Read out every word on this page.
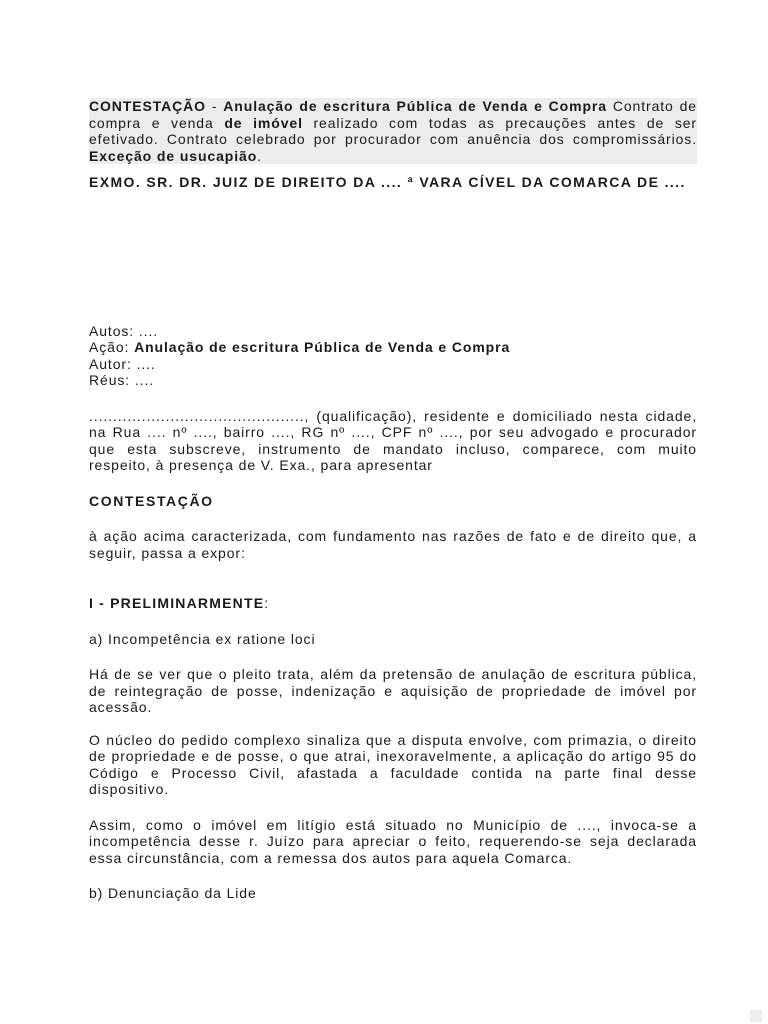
CONTESTAÇÃO - Anulação de escritura Pública de Venda e Compra Contrato de compra e venda de imóvel realizado com todas as precauções antes de ser efetivado. Contrato celebrado por procurador com anuência dos compromissários. Exceção de usucapião.
EXMO. SR. DR. JUIZ DE DIREITO DA .... ª VARA CÍVEL DA COMARCA DE ....
Autos: ....
Ação: Anulação de escritura Pública de Venda e Compra
Autor: ....
Réus: ....
............................................., (qualificação), residente e domiciliado nesta cidade, na Rua .... nº ...., bairro ...., RG nº ...., CPF nº ...., por seu advogado e procurador que esta subscreve, instrumento de mandato incluso, comparece, com muito respeito, à presença de V. Exa., para apresentar
CONTESTAÇÃO
à ação acima caracterizada, com fundamento nas razões de fato e de direito que, a seguir, passa a expor:
I - PRELIMINARMENTE:
a) Incompetência ex ratione loci
Há de se ver que o pleito trata, além da pretensão de anulação de escritura pública, de reintegração de posse, indenização e aquisição de propriedade de imóvel por acessão.
O núcleo do pedido complexo sinaliza que a disputa envolve, com primazia, o direito de propriedade e de posse, o que atrai, inexoravelmente, a aplicação do artigo 95 do Código e Processo Civil, afastada a faculdade contida na parte final desse dispositivo.
Assim, como o imóvel em litígio está situado no Município de ...., invoca-se a incompetência desse r. Juízo para apreciar o feito, requerendo-se seja declarada essa circunstância, com a remessa dos autos para aquela Comarca.
b) Denunciação da Lide
